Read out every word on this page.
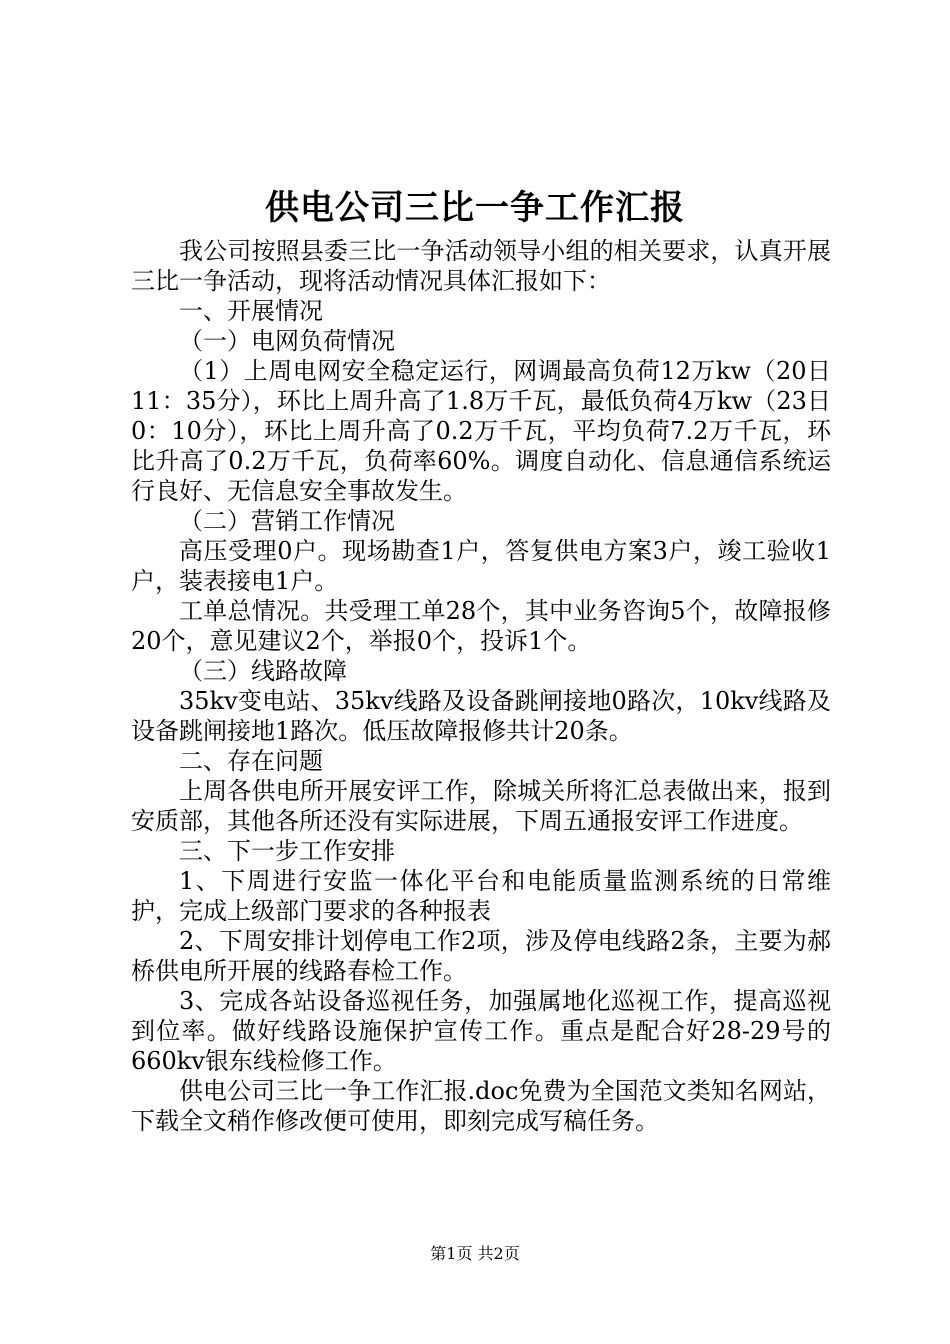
供电公司三比一争工作汇报

我公司按照县委三比一争活动领导小组的相关要求，认真开展三比一争活动，现将活动情况具体汇报如下：

一、开展情况

（一）电网负荷情况

（1）上周电网安全稳定运行，网调最高负荷12万kw（20日11：35分），环比上周升高了1.8万千瓦，最低负荷4万kw（23日0：10分），环比上周升高了0.2万千瓦，平均负荷7.2万千瓦，环比升高了0.2万千瓦，负荷率60%。调度自动化、信息通信系统运行良好、无信息安全事故发生。

（二）营销工作情况

高压受理0户。现场勘查1户，答复供电方案3户，竣工验收1户，装表接电1户。

工单总情况。共受理工单28个，其中业务咨询5个，故障报修20个，意见建议2个，举报0个，投诉1个。

（三）线路故障

35kv变电站、35kv线路及设备跳闸接地0路次，10kv线路及设备跳闸接地1路次。低压故障报修共计20条。

二、存在问题

上周各供电所开展安评工作，除城关所将汇总表做出来，报到安质部，其他各所还没有实际进展，下周五通报安评工作进度。

三、下一步工作安排

1、下周进行安监一体化平台和电能质量监测系统的日常维护，完成上级部门要求的各种报表

2、下周安排计划停电工作2项，涉及停电线路2条，主要为郝桥供电所开展的线路春检工作。

3、完成各站设备巡视任务，加强属地化巡视工作，提高巡视到位率。做好线路设施保护宣传工作。重点是配合好28-29号的660kv银东线检修工作。

供电公司三比一争工作汇报.doc免费为全国范文类知名网站，下载全文稍作修改便可使用，即刻完成写稿任务。

第1页 共2页
